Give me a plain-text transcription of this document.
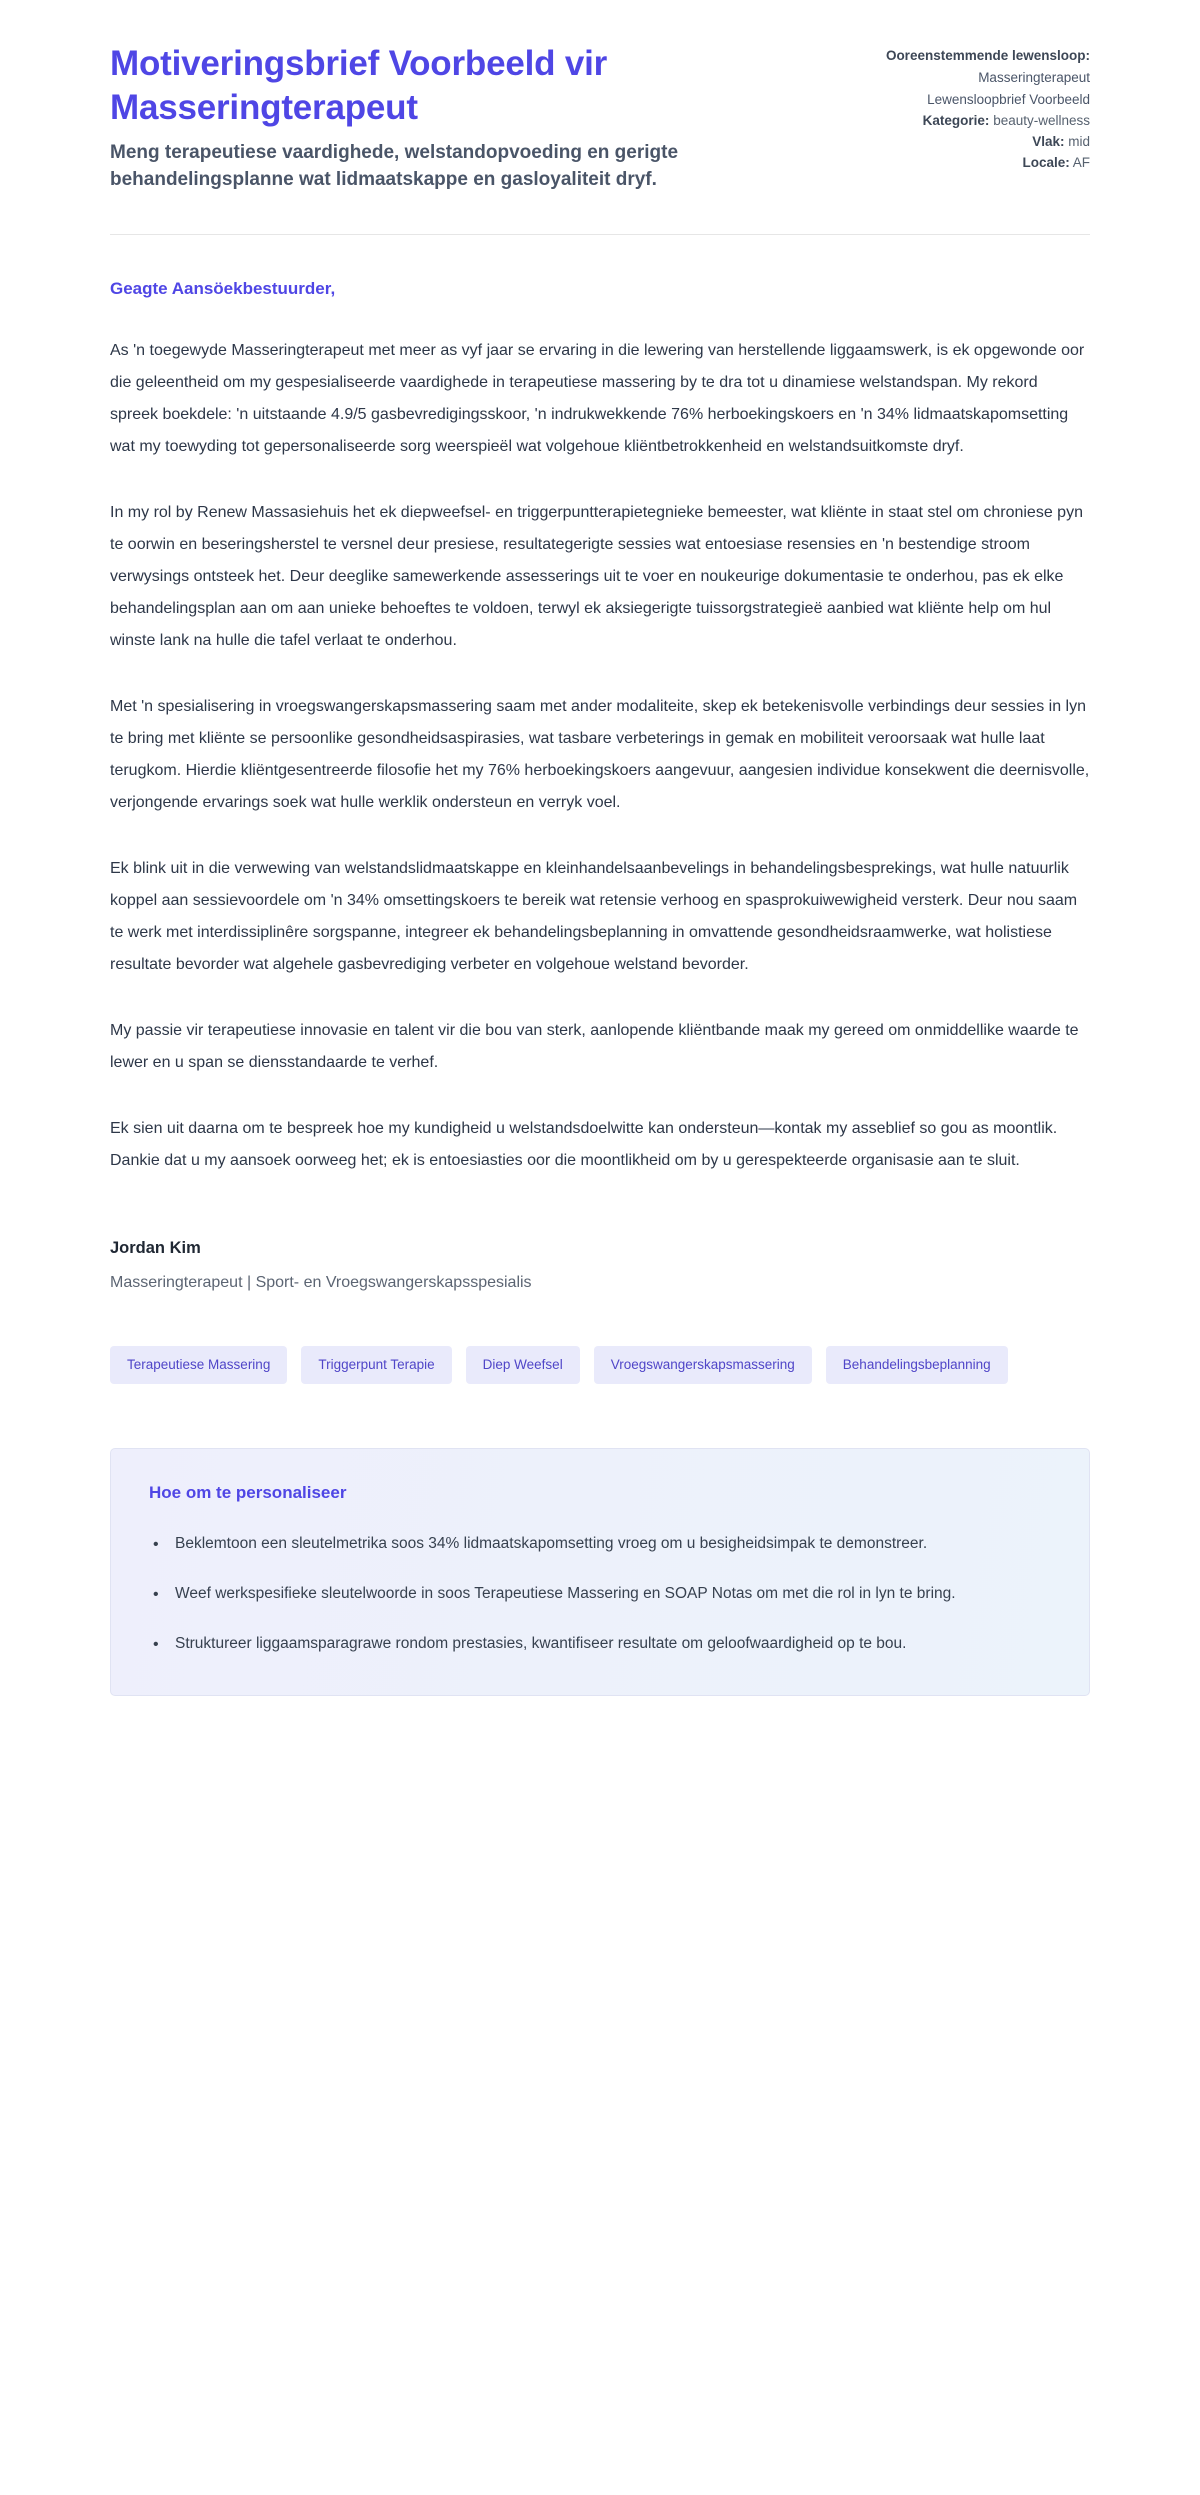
Motiveringsbrief Voorbeeld vir Masseringterapeut

Meng terapeutiese vaardighede, welstandopvoeding en gerigte behandelingsplanne wat lidmaatskappe en gasloyaliteit dryf.

Ooreenstemmende lewensloop:
Masseringterapeut
Lewensloopbrief Voorbeeld
Kategorie: beauty-wellness
Vlak: mid
Locale: AF

Geagte Aansöekbestuurder,

As 'n toegewyde Masseringterapeut met meer as vyf jaar se ervaring in die lewering van herstellende liggaamswerk, is ek opgewonde oor die geleentheid om my gespesialiseerde vaardighede in terapeutiese massering by te dra tot u dinamiese welstandspan. My rekord spreek boekdele: 'n uitstaande 4.9/5 gasbevredigingsskoor, 'n indrukwekkende 76% herboekingskoers en 'n 34% lidmaatskapomsetting wat my toewyding tot gepersonaliseerde sorg weerspieël wat volgehoue kliëntbetrokkenheid en welstandsuitkomste dryf.

In my rol by Renew Massasiehuis het ek diepweefsel- en triggerpuntterapietegnieke bemeester, wat kliënte in staat stel om chroniese pyn te oorwin en beseringsherstel te versnel deur presiese, resultategerigte sessies wat entoesiase resensies en 'n bestendige stroom verwysings ontsteek het. Deur deeglike samewerkende assesserings uit te voer en noukeurige dokumentasie te onderhou, pas ek elke behandelingsplan aan om aan unieke behoeftes te voldoen, terwyl ek aksiegerigte tuissorgstrategieë aanbied wat kliënte help om hul winste lank na hulle die tafel verlaat te onderhou.

Met 'n spesialisering in vroegswangerskapsmassering saam met ander modaliteite, skep ek betekenisvolle verbindings deur sessies in lyn te bring met kliënte se persoonlike gesondheidsaspirasies, wat tasbare verbeterings in gemak en mobiliteit veroorsaak wat hulle laat terugkom. Hierdie kliëntgesentreerde filosofie het my 76% herboekingskoers aangevuur, aangesien individue konsekwent die deernisvolle, verjongende ervarings soek wat hulle werklik ondersteun en verryk voel.

Ek blink uit in die verwewing van welstandslidmaatskappe en kleinhandelsaanbevelings in behandelingsbesprekings, wat hulle natuurlik koppel aan sessievoordele om 'n 34% omsettingskoers te bereik wat retensie verhoog en spasprokuiwewigheid versterk. Deur nou saam te werk met interdissiplinêre sorgspanne, integreer ek behandelingsbeplanning in omvattende gesondheidsraamwerke, wat holistiese resultate bevorder wat algehele gasbevrediging verbeter en volgehoue welstand bevorder.

My passie vir terapeutiese innovasie en talent vir die bou van sterk, aanlopende kliëntbande maak my gereed om onmiddellike waarde te lewer en u span se diensstandaarde te verhef.

Ek sien uit daarna om te bespreek hoe my kundigheid u welstandsdoelwitte kan ondersteun—kontak my asseblief so gou as moontlik. Dankie dat u my aansoek oorweeg het; ek is entoesiasties oor die moontlikheid om by u gerespekteerde organisasie aan te sluit.

Jordan Kim

Masseringterapeut | Sport- en Vroegswangerskapsspesialis

Terapeutiese Massering	Triggerpunt Terapie	Diep Weefsel	Vroegswangerskapsmassering	Behandelingsbeplanning

Hoe om te personaliseer

• Beklemtoon een sleutelmetrika soos 34% lidmaatskapomsetting vroeg om u besigheidsimpak te demonstreer.
• Weef werkspesifieke sleutelwoorde in soos Terapeutiese Massering en SOAP Notas om met die rol in lyn te bring.
• Struktureer liggaamsparagrawe rondom prestasies, kwantifiseer resultate om geloofwaardigheid op te bou.
